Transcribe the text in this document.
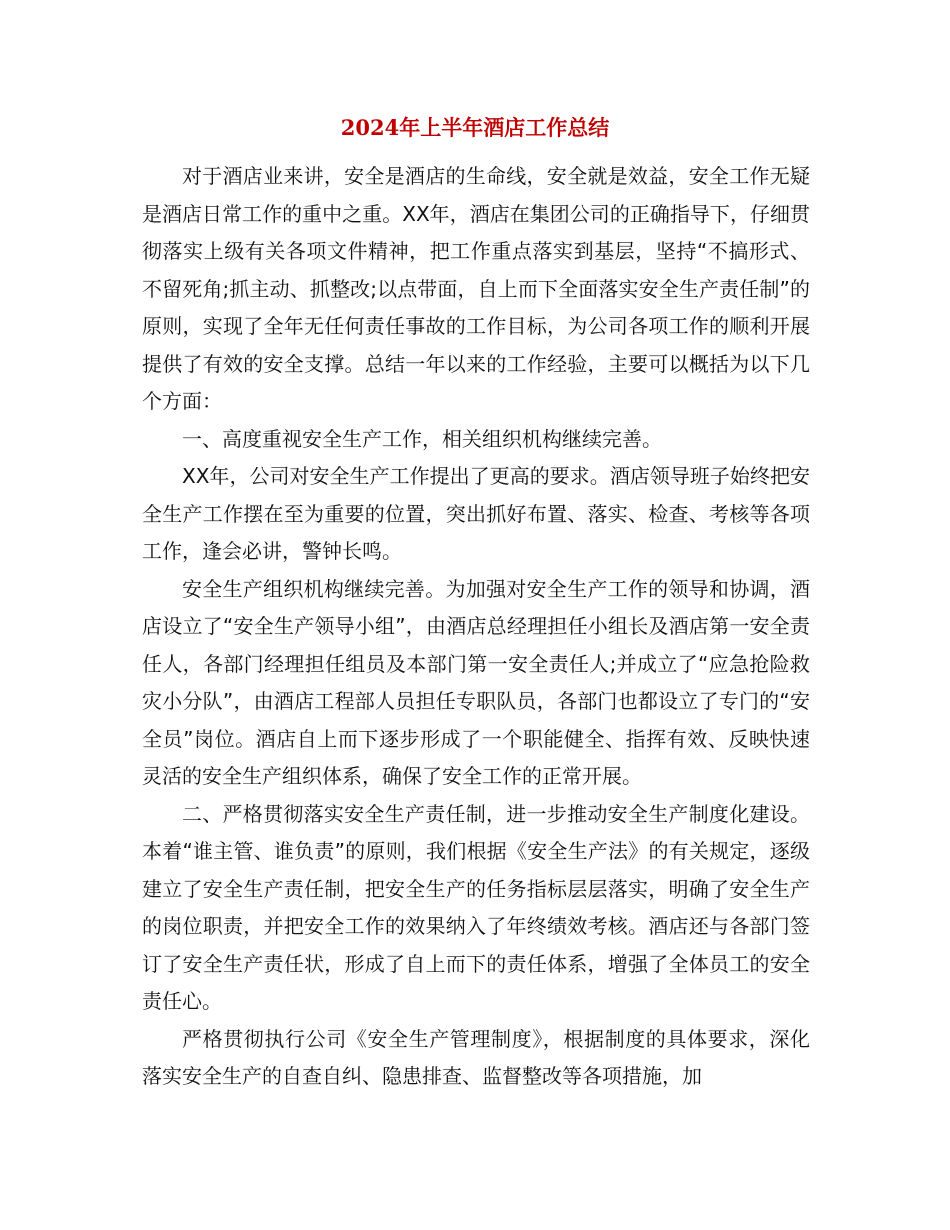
2024年上半年酒店工作总结

对于酒店业来讲，安全是酒店的生命线，安全就是效益，安全工作无疑是酒店日常工作的重中之重。XX年，酒店在集团公司的正确指导下，仔细贯彻落实上级有关各项文件精神，把工作重点落实到基层，坚持“不搞形式、不留死角;抓主动、抓整改;以点带面，自上而下全面落实安全生产责任制”的原则，实现了全年无任何责任事故的工作目标，为公司各项工作的顺利开展提供了有效的安全支撑。总结一年以来的工作经验，主要可以概括为以下几个方面：

一、高度重视安全生产工作，相关组织机构继续完善。

XX年，公司对安全生产工作提出了更高的要求。酒店领导班子始终把安全生产工作摆在至为重要的位置，突出抓好布置、落实、检查、考核等各项工作，逢会必讲，警钟长鸣。

安全生产组织机构继续完善。为加强对安全生产工作的领导和协调，酒店设立了“安全生产领导小组”，由酒店总经理担任小组长及酒店第一安全责任人，各部门经理担任组员及本部门第一安全责任人;并成立了“应急抢险救灾小分队”，由酒店工程部人员担任专职队员，各部门也都设立了专门的“安全员”岗位。酒店自上而下逐步形成了一个职能健全、指挥有效、反映快速灵活的安全生产组织体系，确保了安全工作的正常开展。

二、严格贯彻落实安全生产责任制，进一步推动安全生产制度化建设。 本着“谁主管、谁负责”的原则，我们根据《安全生产法》的有关规定，逐级建立了安全生产责任制，把安全生产的任务指标层层落实，明确了安全生产的岗位职责，并把安全工作的效果纳入了年终绩效考核。酒店还与各部门签订了安全生产责任状，形成了自上而下的责任体系，增强了全体员工的安全责任心。

严格贯彻执行公司《安全生产管理制度》，根据制度的具体要求，深化落实安全生产的自查自纠、隐患排查、监督整改等各项措施，加
